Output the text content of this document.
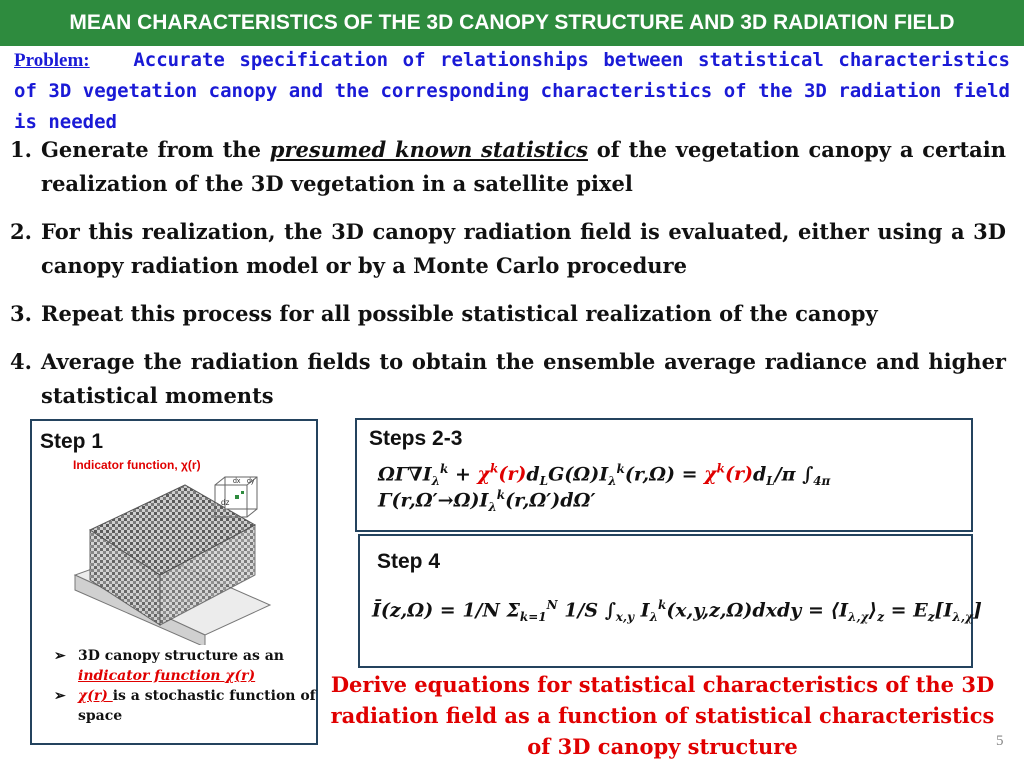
MEAN CHARACTERISTICS OF THE 3D CANOPY STRUCTURE AND 3D RADIATION FIELD
Problem: Accurate specification of relationships between statistical characteristics of 3D vegetation canopy and the corresponding characteristics of the 3D radiation field is needed
1. Generate from the presumed known statistics of the vegetation canopy a certain realization of the 3D vegetation in a satellite pixel
2. For this realization, the 3D canopy radiation field is evaluated, either using a 3D canopy radiation model or by a Monte Carlo procedure
3. Repeat this process for all possible statistical realization of the canopy
4. Average the radiation fields to obtain the ensemble average radiance and higher statistical moments
Step 1
Indicator function, χ(r)
dz
dx dy
➢ 3D canopy structure as an indicator function χ(r)
➢ χ(r) is a stochastic function of space
Steps 2-3
$\Omega\Gamma\nabla I_\lambda^k + \chi^k(r)d_LG(\Omega)I_\lambda^k(r,\Omega) = \chi^k(r)d_L/\pi$ $\int_{4\pi}$ $\Gamma(r,\Omega'\to\Omega)I_\lambda^k(r,\Omega')d\Omega'$
Step 4
Ī(z,Ω) = 1/N $\Sigma_{k=1}^N$ 1/S $\int_{x,y}$ $I_\lambda^k(x,y,z,\Omega)dxdy$ = $⟨I_{\lambda,\chi}⟩_z = E_z[I_{\lambda,\chi}]$
Derive equations for statistical characteristics of the 3D radiation field as a function of statistical characteristics of 3D canopy structure	5
